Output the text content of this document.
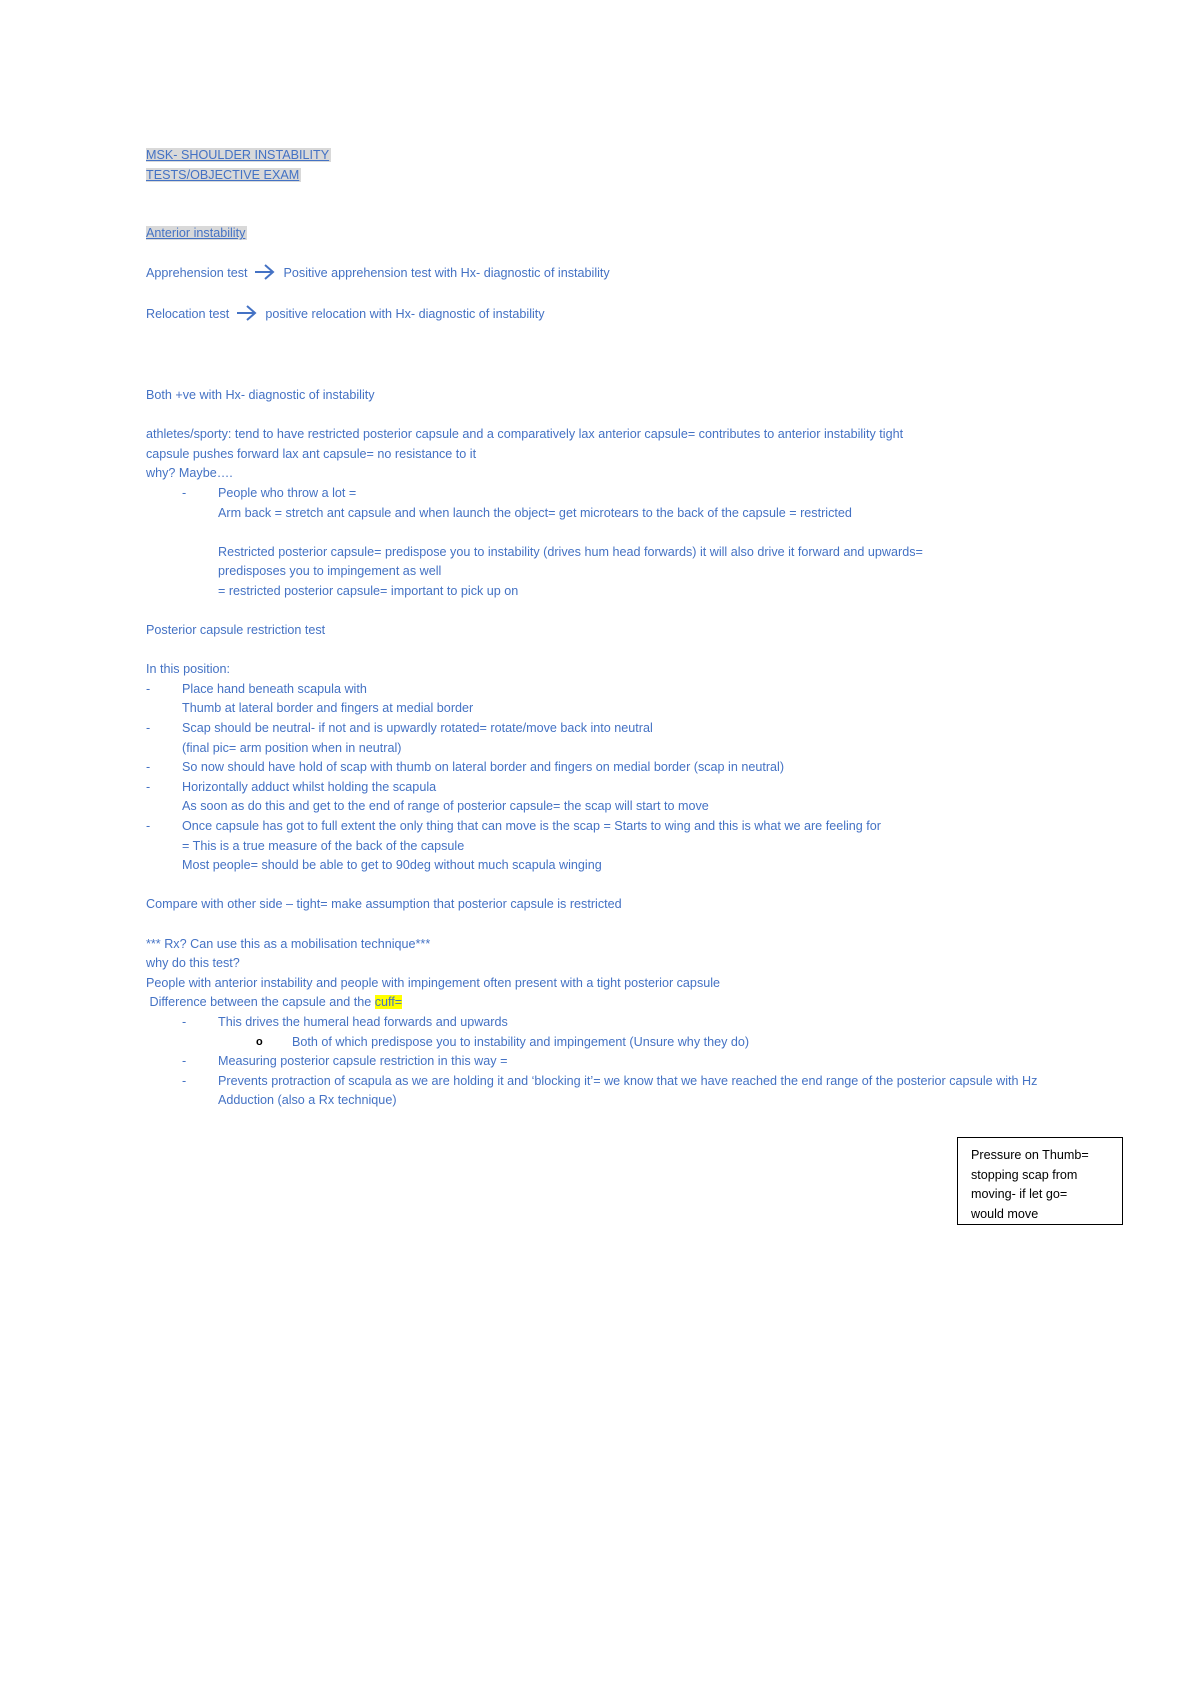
MSK- SHOULDER INSTABILITY
TESTS/OBJECTIVE EXAM
Anterior instability
Apprehension test	Positive apprehension test with Hx- diagnostic of instability
Relocation test	positive relocation with Hx- diagnostic of instability
Both +ve with Hx- diagnostic of instability
athletes/sporty: tend to have restricted posterior capsule and a comparatively lax anterior capsule= contributes to anterior instability tight
capsule pushes forward lax ant capsule= no resistance to it
why? Maybe….
-	People who throw a lot =
Arm back = stretch ant capsule and when launch the object= get microtears to the back of the capsule = restricted
Restricted posterior capsule= predispose you to instability (drives hum head forwards) it will also drive it forward and upwards=
predisposes you to impingement as well
= restricted posterior capsule= important to pick up on
Posterior capsule restriction test
In this position:
-	Place hand beneath scapula with
Thumb at lateral border and fingers at medial border
-	Scap should be neutral- if not and is upwardly rotated= rotate/move back into neutral
(final pic= arm position when in neutral)
-	So now should have hold of scap with thumb on lateral border and fingers on medial border (scap in neutral)
-	Horizontally adduct whilst holding the scapula
As soon as do this and get to the end of range of posterior capsule= the scap will start to move
-	Once capsule has got to full extent the only thing that can move is the scap = Starts to wing and this is what we are feeling for
= This is a true measure of the back of the capsule
Most people= should be able to get to 90deg without much scapula winging
Compare with other side – tight= make assumption that posterior capsule is restricted
*** Rx? Can use this as a mobilisation technique***
why do this test?
People with anterior instability and people with impingement often present with a tight posterior capsule
Difference between the capsule and the cuff=
-	This drives the humeral head forwards and upwards
o Both of which predispose you to instability and impingement (Unsure why they do)
-	Measuring posterior capsule restriction in this way =
-	Prevents protraction of scapula as we are holding it and ‘blocking it’= we know that we have reached the end range of the posterior capsule with Hz Adduction (also a Rx technique)
Pressure on Thumb=
stopping scap from
moving- if let go=
would move
